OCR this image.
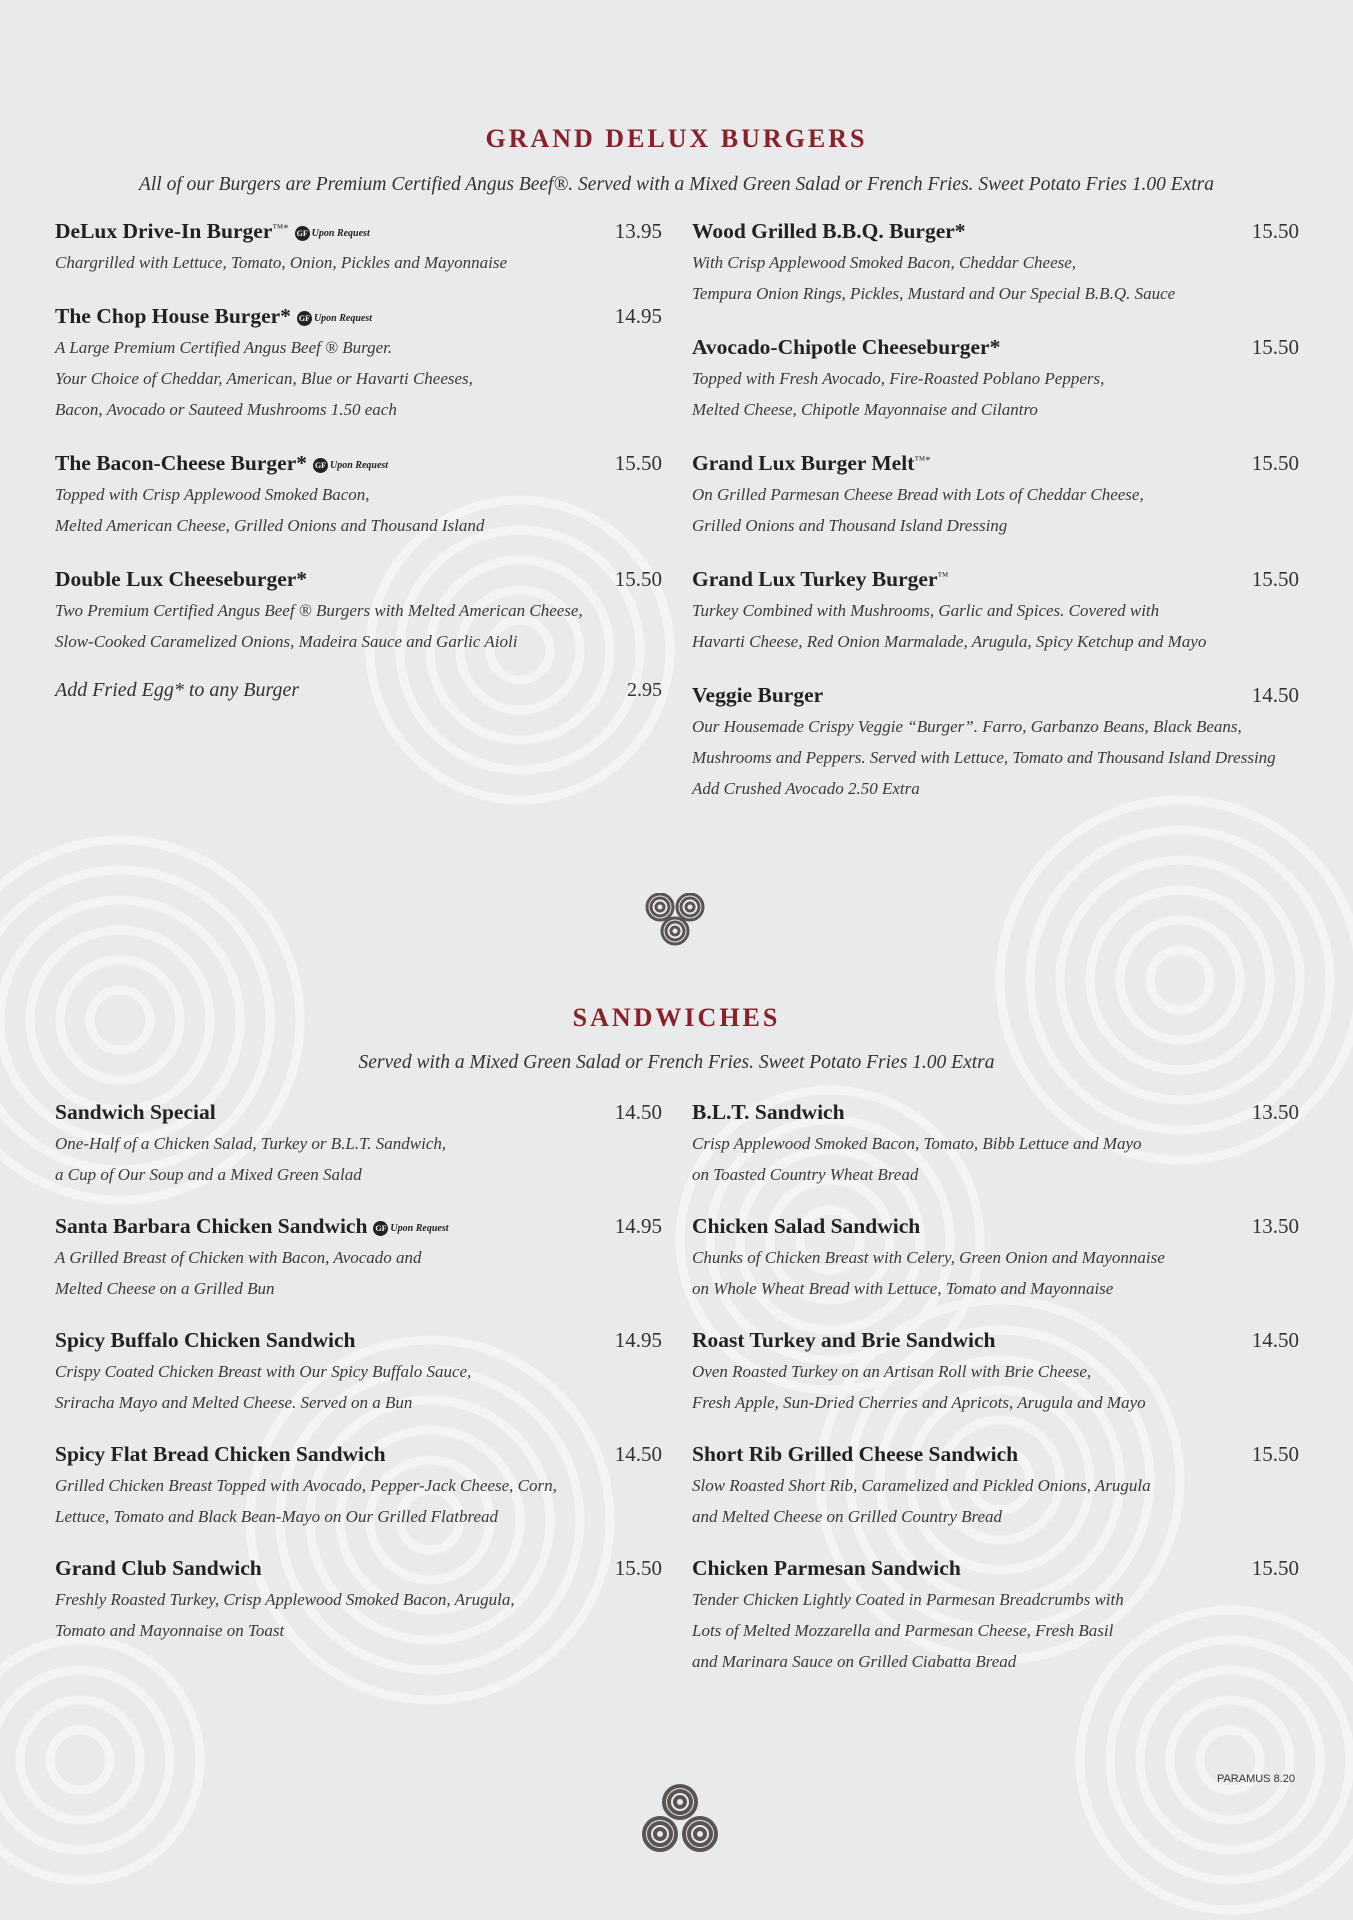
GRAND DELUX BURGERS
All of our Burgers are Premium Certified Angus Beef®. Served with a Mixed Green Salad or French Fries. Sweet Potato Fries 1.00 Extra
DeLux Drive-In Burger™* GF Upon Request	13.95
Chargrilled with Lettuce, Tomato, Onion, Pickles and Mayonnaise
The Chop House Burger* GF Upon Request	14.95
A Large Premium Certified Angus Beef ® Burger.
Your Choice of Cheddar, American, Blue or Havarti Cheeses,
Bacon, Avocado or Sauteed Mushrooms 1.50 each
The Bacon-Cheese Burger* GF Upon Request	15.50
Topped with Crisp Applewood Smoked Bacon,
Melted American Cheese, Grilled Onions and Thousand Island
Double Lux Cheeseburger*	15.50
Two Premium Certified Angus Beef ® Burgers with Melted American Cheese,
Slow-Cooked Caramelized Onions, Madeira Sauce and Garlic Aioli
Add Fried Egg* to any Burger	2.95
Wood Grilled B.B.Q. Burger*	15.50
With Crisp Applewood Smoked Bacon, Cheddar Cheese,
Tempura Onion Rings, Pickles, Mustard and Our Special B.B.Q. Sauce
Avocado-Chipotle Cheeseburger*	15.50
Topped with Fresh Avocado, Fire-Roasted Poblano Peppers,
Melted Cheese, Chipotle Mayonnaise and Cilantro
Grand Lux Burger Melt™*	15.50
On Grilled Parmesan Cheese Bread with Lots of Cheddar Cheese,
Grilled Onions and Thousand Island Dressing
Grand Lux Turkey Burger™	15.50
Turkey Combined with Mushrooms, Garlic and Spices. Covered with
Havarti Cheese, Red Onion Marmalade, Arugula, Spicy Ketchup and Mayo
Veggie Burger	14.50
Our Housemade Crispy Veggie “Burger”. Farro, Garbanzo Beans, Black Beans,
Mushrooms and Peppers. Served with Lettuce, Tomato and Thousand Island Dressing
Add Crushed Avocado 2.50 Extra
SANDWICHES
Served with a Mixed Green Salad or French Fries. Sweet Potato Fries 1.00 Extra
Sandwich Special	14.50
One-Half of a Chicken Salad, Turkey or B.L.T. Sandwich,
a Cup of Our Soup and a Mixed Green Salad
Santa Barbara Chicken Sandwich GF Upon Request	14.95
A Grilled Breast of Chicken with Bacon, Avocado and
Melted Cheese on a Grilled Bun
Spicy Buffalo Chicken Sandwich	14.95
Crispy Coated Chicken Breast with Our Spicy Buffalo Sauce,
Sriracha Mayo and Melted Cheese. Served on a Bun
Spicy Flat Bread Chicken Sandwich	14.50
Grilled Chicken Breast Topped with Avocado, Pepper-Jack Cheese, Corn,
Lettuce, Tomato and Black Bean-Mayo on Our Grilled Flatbread
Grand Club Sandwich	15.50
Freshly Roasted Turkey, Crisp Applewood Smoked Bacon, Arugula,
Tomato and Mayonnaise on Toast
B.L.T. Sandwich	13.50
Crisp Applewood Smoked Bacon, Tomato, Bibb Lettuce and Mayo
on Toasted Country Wheat Bread
Chicken Salad Sandwich	13.50
Chunks of Chicken Breast with Celery, Green Onion and Mayonnaise
on Whole Wheat Bread with Lettuce, Tomato and Mayonnaise
Roast Turkey and Brie Sandwich	14.50
Oven Roasted Turkey on an Artisan Roll with Brie Cheese,
Fresh Apple, Sun-Dried Cherries and Apricots, Arugula and Mayo
Short Rib Grilled Cheese Sandwich	15.50
Slow Roasted Short Rib, Caramelized and Pickled Onions, Arugula
and Melted Cheese on Grilled Country Bread
Chicken Parmesan Sandwich	15.50
Tender Chicken Lightly Coated in Parmesan Breadcrumbs with
Lots of Melted Mozzarella and Parmesan Cheese, Fresh Basil
and Marinara Sauce on Grilled Ciabatta Bread
PARAMUS 8.20
